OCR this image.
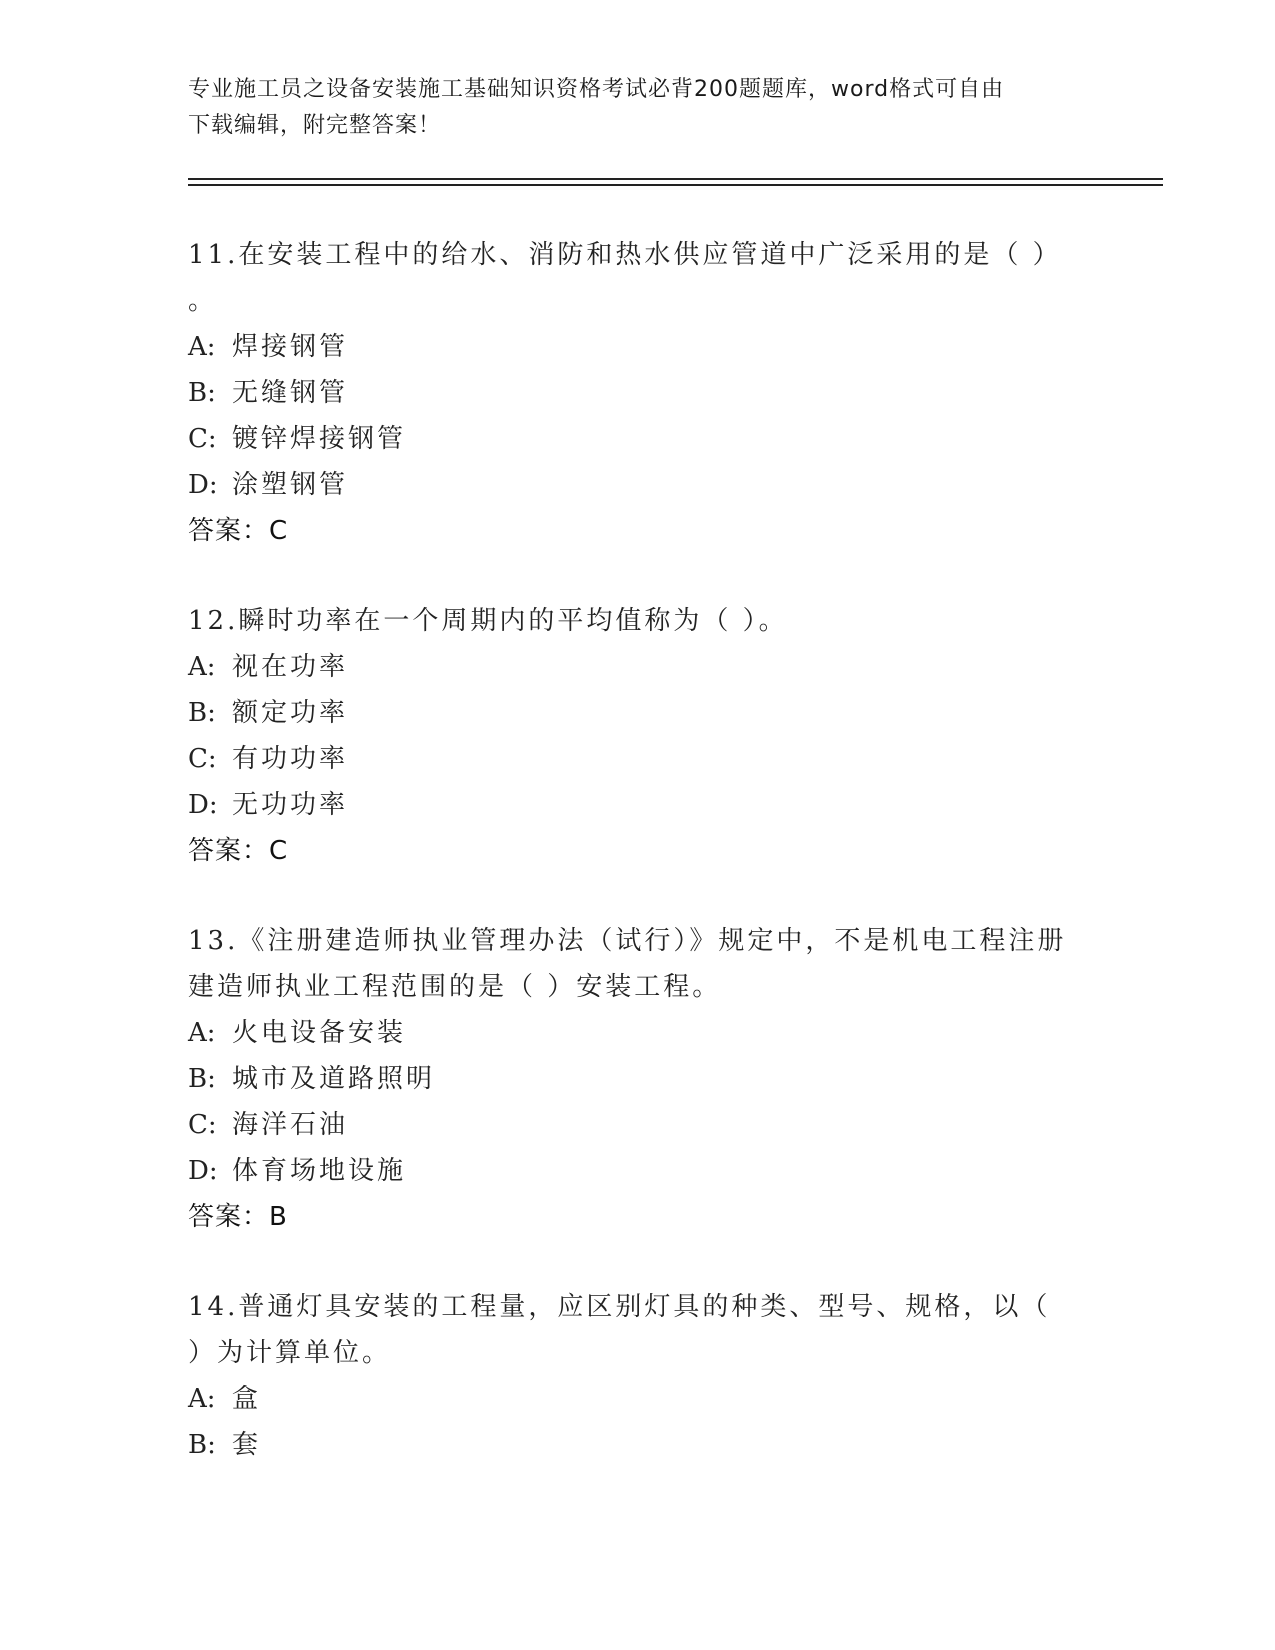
专业施工员之设备安装施工基础知识资格考试必背200题题库，word格式可自由
下载编辑，附完整答案！

11.在安装工程中的给水、消防和热水供应管道中广泛采用的是（ ）

。

A: 焊接钢管

B: 无缝钢管

C: 镀锌焊接钢管

D: 涂塑钢管

答案：C

12.瞬时功率在一个周期内的平均值称为（ ）。

A: 视在功率

B: 额定功率

C: 有功功率

D: 无功功率

答案：C

13.《注册建造师执业管理办法（试行）》规定中，不是机电工程注册

建造师执业工程范围的是（ ）安装工程。

A: 火电设备安装

B: 城市及道路照明

C: 海洋石油

D: 体育场地设施

答案：B

14.普通灯具安装的工程量，应区别灯具的种类、型号、规格，以（

）为计算单位。

A: 盒

B: 套
